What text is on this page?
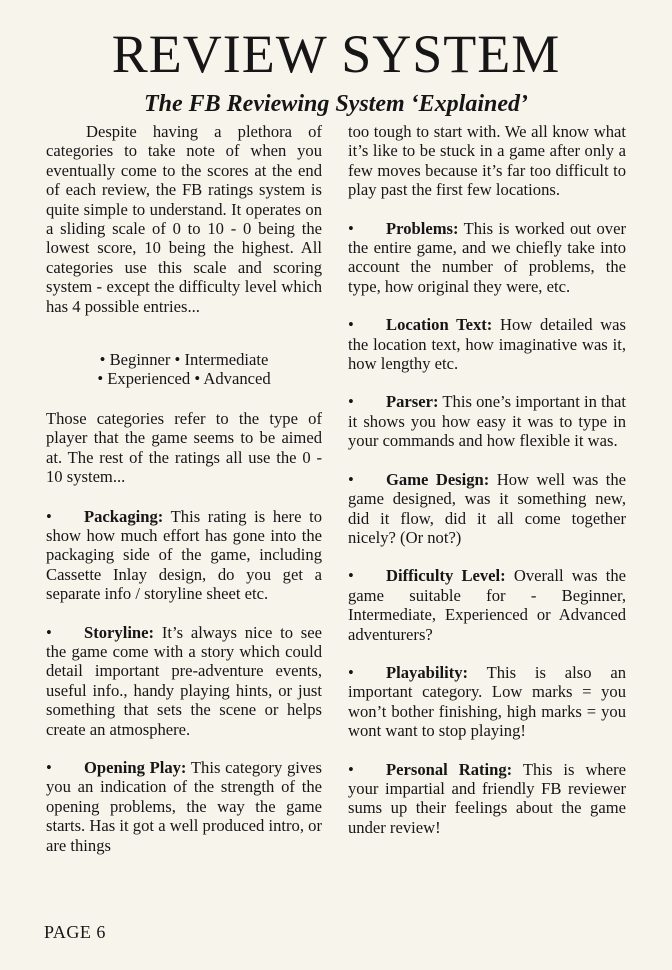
REVIEW SYSTEM
The FB Reviewing System ‘Explained’

Despite having a plethora of categories to take note of when you eventually come to the scores at the end of each review, the FB ratings system is quite simple to understand. It operates on a sliding scale of 0 to 10 - 0 being the lowest score, 10 being the highest. All categories use this scale and scoring system - except the difficulty level which has 4 possible entries...

• Beginner • Intermediate

• Experienced • Advanced

Those categories refer to the type of player that the game seems to be aimed at. The rest of the ratings all use the 0 - 10 system...

• Packaging: This rating is here to show how much effort has gone into the packaging side of the game, including Cassette Inlay design, do you get a separate info / storyline sheet etc.

• Storyline: It’s always nice to see the game come with a story which could detail important pre-adventure events, useful info., handy playing hints, or just something that sets the scene or helps create an atmosphere.

• Opening Play: This category gives you an indication of the strength of the opening problems, the way the game starts. Has it got a well produced intro, or are things

too tough to start with. We all know what it’s like to be stuck in a game after only a few moves because it’s far too difficult to play past the first few locations.

• Problems: This is worked out over the entire game, and we chiefly take into account the number of problems, the type, how original they were, etc.

• Location Text: How detailed was the location text, how imaginative was it, how lengthy etc.

• Parser: This one’s important in that it shows you how easy it was to type in your commands and how flexible it was.

• Game Design: How well was the game designed, was it something new, did it flow, did it all come together nicely? (Or not?)

• Difficulty Level: Overall was the game suitable for - Beginner, Intermediate, Experienced or Advanced adventurers?

• Playability: This is also an important category. Low marks = you won’t bother finishing, high marks = you wont want to stop playing!

• Personal Rating: This is where your impartial and friendly FB reviewer sums up their feelings about the game under review!

PAGE 6
